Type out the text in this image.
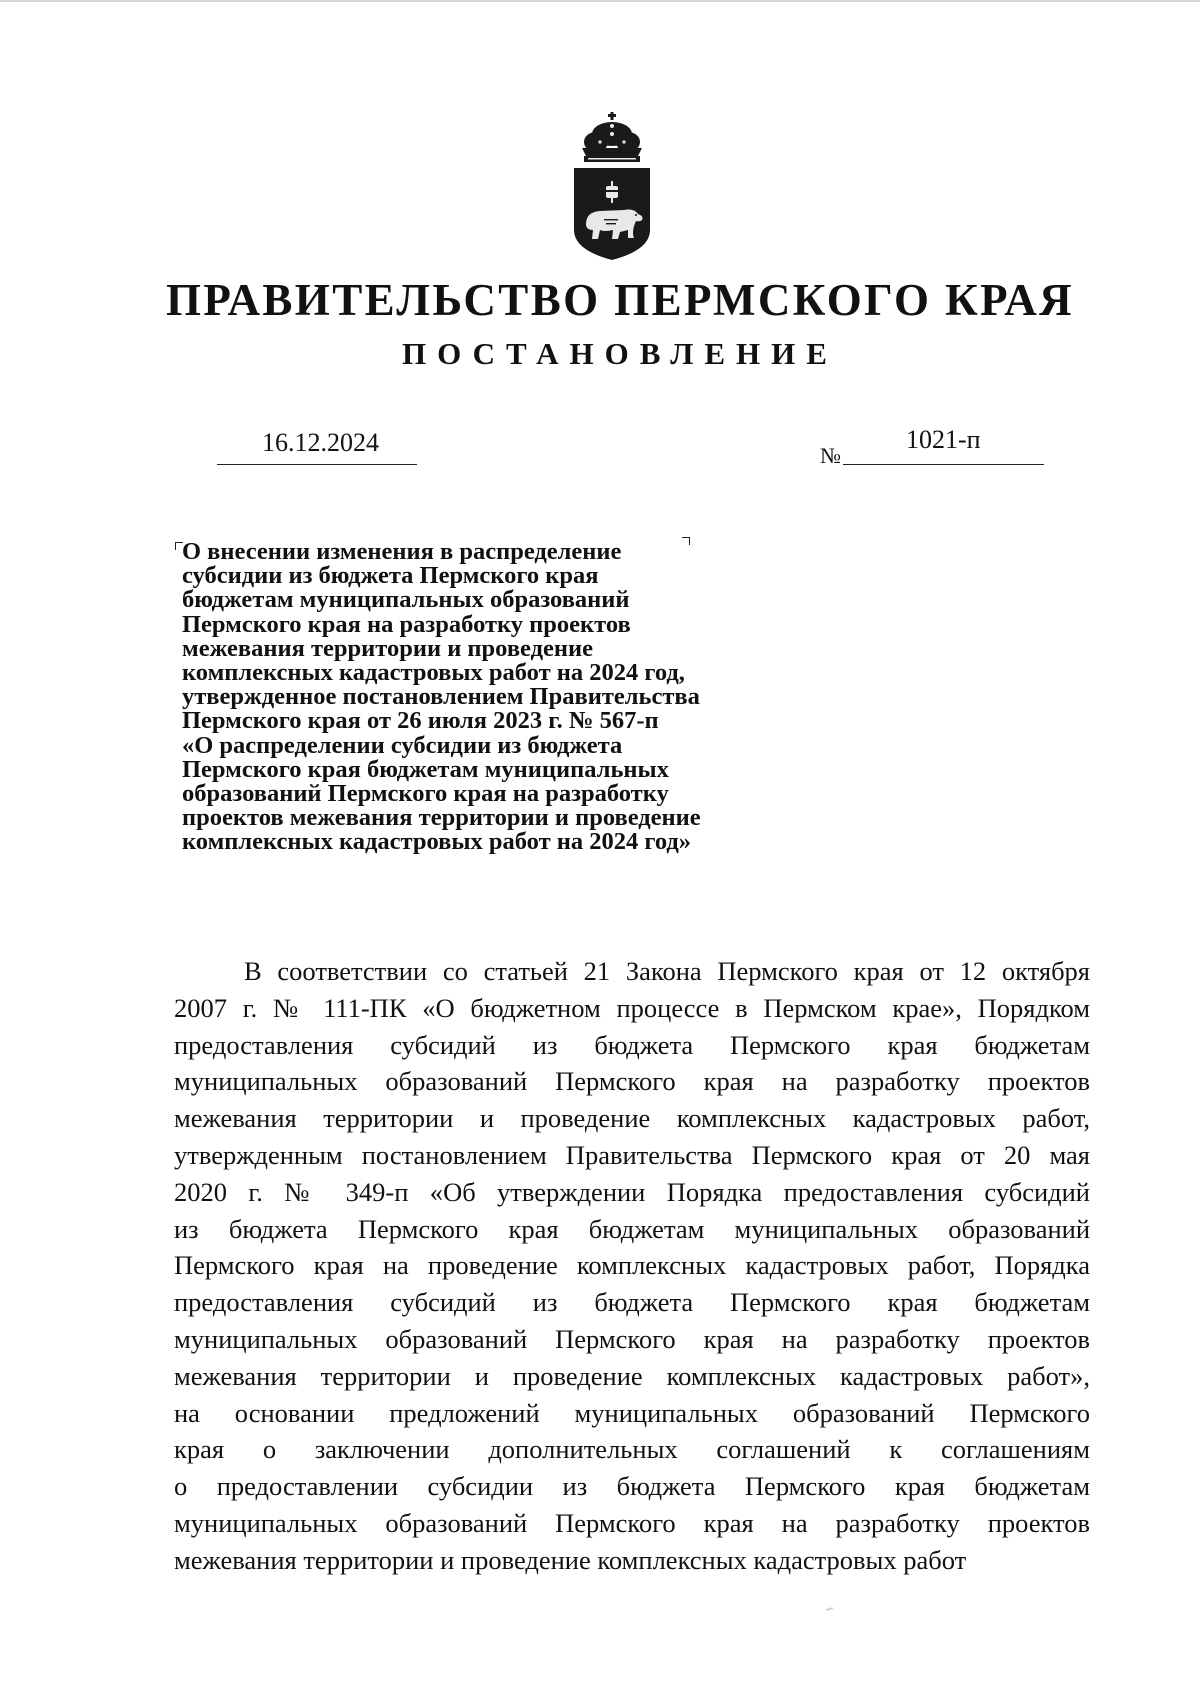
ПРАВИТЕЛЬСТВО ПЕРМСКОГО КРАЯ
ПОСТАНОВЛЕНИЕ
16.12.2024	№
1021-п
О внесении изменения в распределение
субсидии из бюджета Пермского края
бюджетам муниципальных образований
Пермского края на разработку проектов
межевания территории и проведение
комплексных кадастровых работ на 2024 год,
утвержденное постановлением Правительства
Пермского края от 26 июля 2023 г. № 567-п
«О распределении субсидии из бюджета
Пермского края бюджетам муниципальных
образований Пермского края на разработку
проектов межевания территории и проведение
комплексных кадастровых работ на 2024 год»
В соответствии со статьей 21 Закона Пермского края от 12 октября
2007 г. № 111-ПК «О бюджетном процессе в Пермском крае», Порядком
предоставления субсидий из бюджета Пермского края бюджетам
муниципальных образований Пермского края на разработку проектов
межевания территории и проведение комплексных кадастровых работ,
утвержденным постановлением Правительства Пермского края от 20 мая
2020 г. № 349-п «Об утверждении Порядка предоставления субсидий
из бюджета Пермского края бюджетам муниципальных образований
Пермского края на проведение комплексных кадастровых работ, Порядка
предоставления субсидий из бюджета Пермского края бюджетам
муниципальных образований Пермского края на разработку проектов
межевания территории и проведение комплексных кадастровых работ»,
на основании предложений муниципальных образований Пермского
края о заключении дополнительных соглашений к соглашениям
о предоставлении субсидии из бюджета Пермского края бюджетам
муниципальных образований Пермского края на разработку проектов
межевания территории и проведение комплексных кадастровых работ
